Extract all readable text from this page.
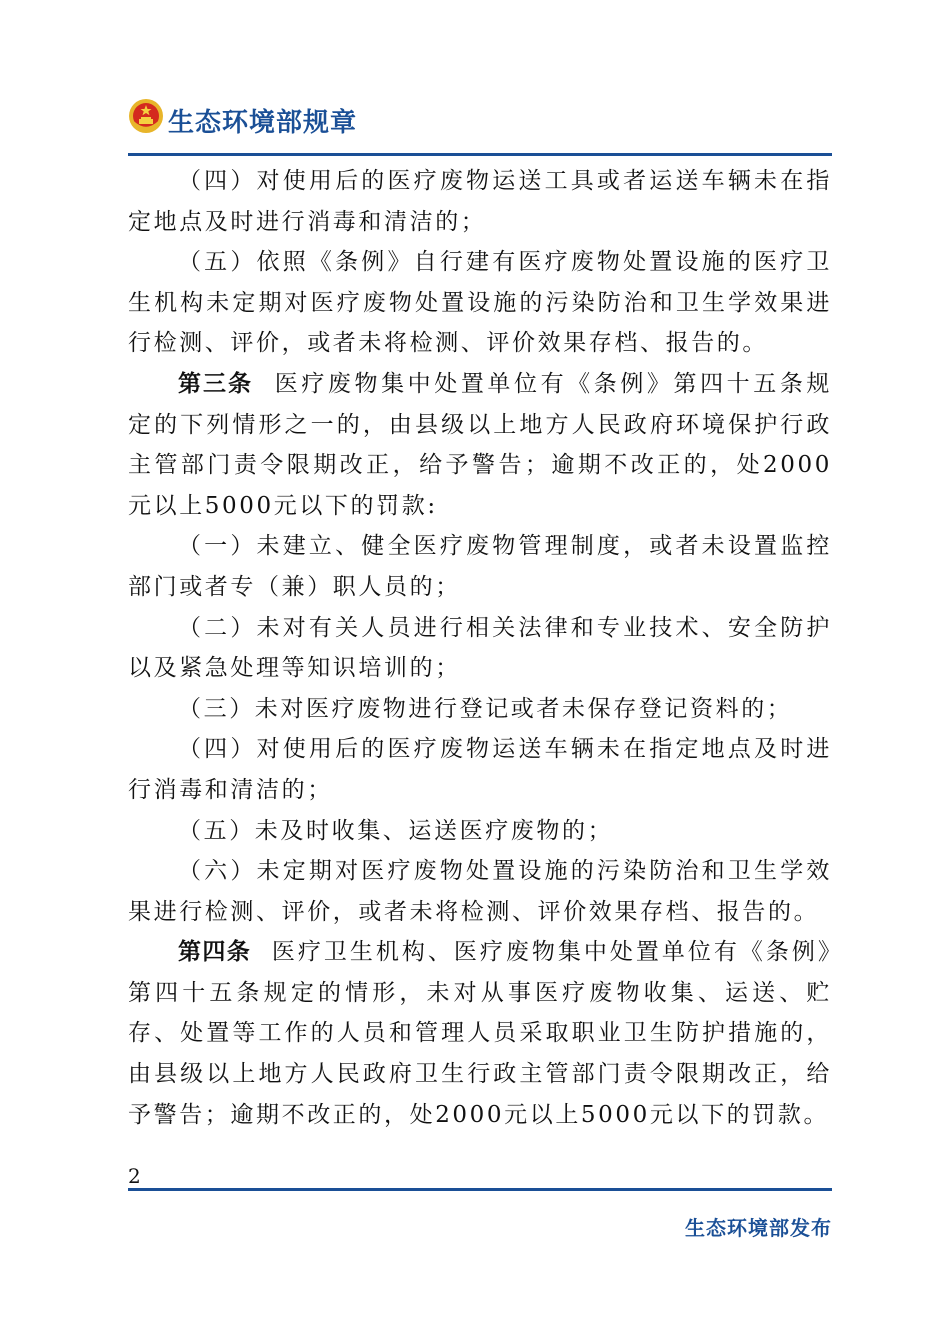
生态环境部规章

（四）对使用后的医疗废物运送工具或者运送车辆未在指定地点及时进行消毒和清洁的；

（五）依照《条例》自行建有医疗废物处置设施的医疗卫生机构未定期对医疗废物处置设施的污染防治和卫生学效果进行检测、评价，或者未将检测、评价效果存档、报告的。

第三条 医疗废物集中处置单位有《条例》第四十五条规定的下列情形之一的，由县级以上地方人民政府环境保护行政主管部门责令限期改正，给予警告；逾期不改正的，处2000元以上5000元以下的罚款:

（一）未建立、健全医疗废物管理制度，或者未设置监控部门或者专（兼）职人员的；

（二）未对有关人员进行相关法律和专业技术、安全防护以及紧急处理等知识培训的；

（三）未对医疗废物进行登记或者未保存登记资料的；

（四）对使用后的医疗废物运送车辆未在指定地点及时进行消毒和清洁的；

（五）未及时收集、运送医疗废物的；

（六）未定期对医疗废物处置设施的污染防治和卫生学效果进行检测、评价，或者未将检测、评价效果存档、报告的。

第四条 医疗卫生机构、医疗废物集中处置单位有《条例》第四十五条规定的情形，未对从事医疗废物收集、运送、贮存、处置等工作的人员和管理人员采取职业卫生防护措施的，由县级以上地方人民政府卫生行政主管部门责令限期改正，给予警告；逾期不改正的，处2000元以上5000元以下的罚款。

2
生态环境部发布
